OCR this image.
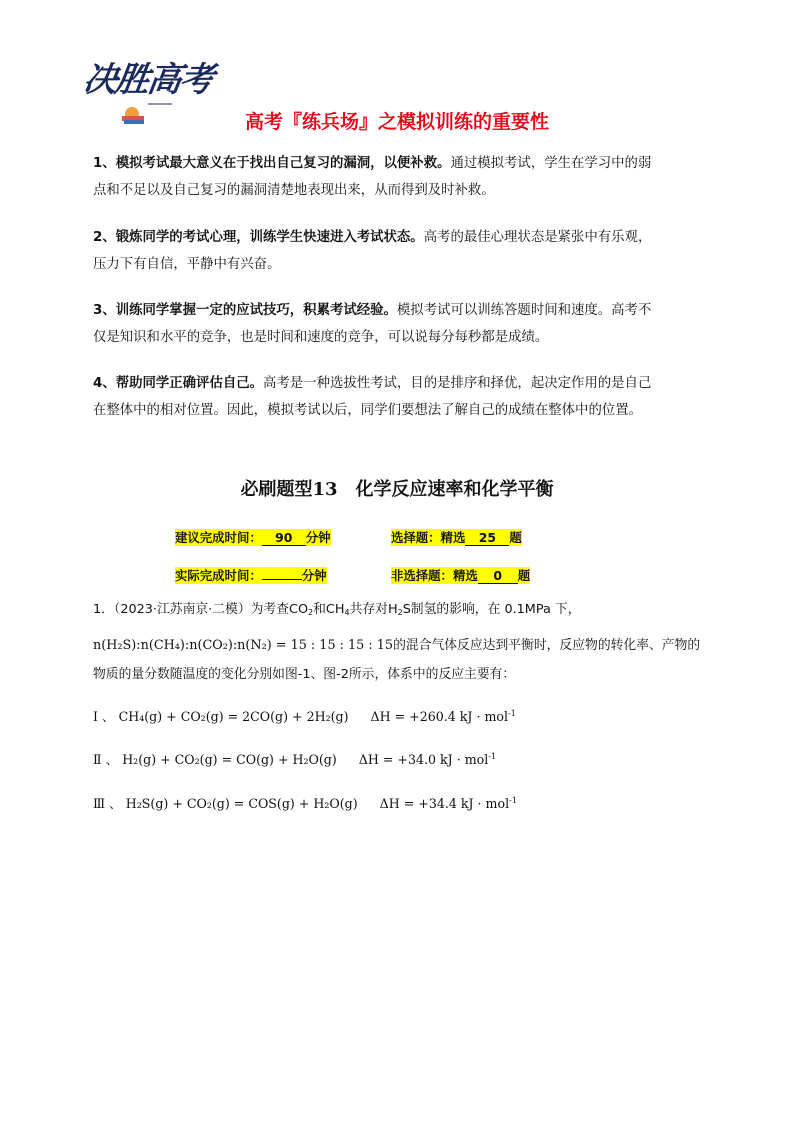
决胜高考
高考『练兵场』之模拟训练的重要性
1、模拟考试最大意义在于找出自己复习的漏洞，以便补救。通过模拟考试，学生在学习中的弱
点和不足以及自己复习的漏洞清楚地表现出来，从而得到及时补救。
2、锻炼同学的考试心理，训练学生快速进入考试状态。高考的最佳心理状态是紧张中有乐观，
压力下有自信，平静中有兴奋。
3、训练同学掌握一定的应试技巧，积累考试经验。模拟考试可以训练答题时间和速度。高考不
仅是知识和水平的竞争，也是时间和速度的竞争，可以说每分每秒都是成绩。
4、帮助同学正确评估自己。高考是一种选拔性考试，目的是排序和择优，起决定作用的是自己
在整体中的相对位置。因此，模拟考试以后，同学们要想法了解自己的成绩在整体中的位置。
必刷题型13　化学反应速率和化学平衡
建议完成时间： 90 分钟	选择题：精选 25 题
实际完成时间：	分钟	非选择题：精选 0 题
1．（2023·江苏南京·二模）为考查$CO_2$和$CH_4$共存对$H_2S$制氢的影响，在 0.1MPa 下，
n(H₂S):n(CH₄):n(CO₂):n(N₂) = 15 : 15 : 15 : 15的混合气体反应达到平衡时，反应物的转化率、产物的
物质的量分数随温度的变化分别如图-1、图-2所示，体系中的反应主要有：
Ⅰ 、 CH₄(g) + CO₂(g) = 2CO(g) + 2H₂(g) ΔH = +260.4 kJ · mol$^{-1}$
Ⅱ 、 H₂(g) + CO₂(g) = CO(g) + H₂O(g) ΔH = +34.0 kJ · mol$^{-1}$
Ⅲ 、 H₂S(g) + CO₂(g) = COS(g) + H₂O(g) ΔH = +34.4 kJ · mol$^{-1}$
